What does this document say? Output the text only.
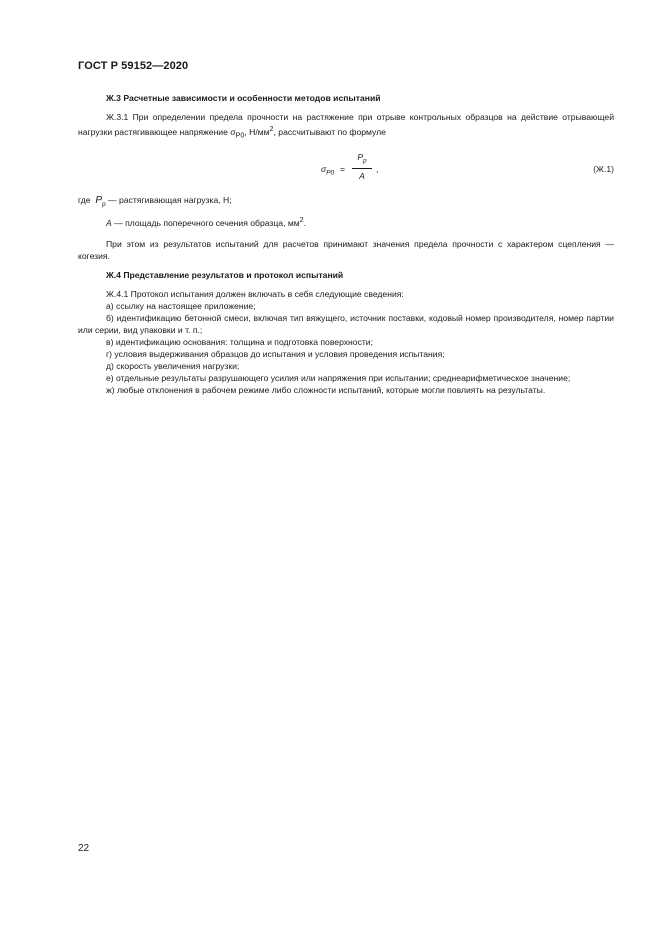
ГОСТ Р 59152—2020

Ж.3 Расчетные зависимости и особенности методов испытаний

Ж.3.1 При определении предела прочности на растяжение при отрыве контрольных образцов на действие отрывающей нагрузки растягивающее напряжение $\sigma_{P0}$, $Н/мм^2$, рассчитывают по формуле

$\sigma_{P0}$ =
$P_p$
A
,	(Ж.1)

где $P_p$ — растягивающая нагрузка, Н;

A — площадь поперечного сечения образца, $мм^2$.

При этом из результатов испытаний для расчетов принимают значения предела прочности с характером сцепления — когезия.

Ж.4 Представление результатов и протокол испытаний

Ж.4.1 Протокол испытания должен включать в себя следующие сведения:

а) ссылку на настоящее приложение;

б) идентификацию бетонной смеси, включая тип вяжущего, источник поставки, кодовый номер производителя, номер партии или серии, вид упаковки и т. п.;

в) идентификацию основания: толщина и подготовка поверхности;

г) условия выдерживания образцов до испытания и условия проведения испытания;

д) скорость увеличения нагрузки;

е) отдельные результаты разрушающего усилия или напряжения при испытании; среднеарифметическое значение;

ж) любые отклонения в рабочем режиме либо сложности испытаний, которые могли повлиять на результаты.

22
